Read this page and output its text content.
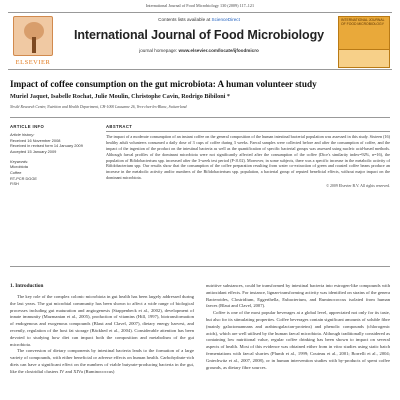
International Journal of Food Microbiology 130 (2009) 117–121
ELSEVIER
Contents lists available at ScienceDirect
International Journal of Food Microbiology
journal homepage: www.elsevier.com/locate/ijfoodmicro
INTERNATIONAL JOURNAL OF FOOD MICROBIOLOGY
Impact of coffee consumption on the gut microbiota: A human volunteer study
Muriel Jaquet, Isabelle Rochat, Julie Moulin, Christophe Cavin, Rodrigo Bibiloni *
Nestlé Research Center, Nutrition and Health Department, CH-1000 Lausanne 26, Vers-chez-les-Blanc, Switzerland
ARTICLE INFO
Article history:
Received 16 November 2008
Received in revised form 14 January 2009
Accepted 15 January 2009
Keywords:
Microbiota
Coffee
RT-PCR DGGE
FISH
ABSTRACT

The impact of a moderate consumption of an instant coffee on the general composition of the human intestinal bacterial population was assessed in this study. Sixteen (16) healthy adult volunteers consumed a daily dose of 3 cups of coffee during 3 weeks. Faecal samples were collected before and after the consumption of coffee, and the impact of the ingestion of the product on the intestinal bacteria as well as the quantification of specific bacterial groups was assessed using nucleic acid-based methods. Although faecal profiles of the dominant microbiota were not significantly affected after the consumption of the coffee (Dice's similarity index=92%, n=16), the population of Bifidobacterium spp. increased after the 3-week test period (P<0.02). Moreover, in some subjects, there was a specific increase in the metabolic activity of Bifidobacterium spp. Our results show that the consumption of the coffee preparation resulting from water co-extraction of green and roasted coffee beans produce an increase in the metabolic activity and/or numbers of the Bifidobacterium spp. population, a bacterial group of reputed beneficial effects, without major impact on the dominant microbiota.

© 2009 Elsevier B.V. All rights reserved.
1. Introduction

The key role of the complex colonic microbiota in gut health has been largely addressed during the last years. The gut microbial community has been shown to affect a wide range of biological processes including gut maturation and angiogenesis (Stappenbeck et al., 2002), development of innate immunity (Mazmanian et al., 2005), production of vitamins (Hill, 1997), biotransformation of endogenous and exogenous compounds (Blaut and Clavel, 2007), dietary energy harvest, and recently, regulation of the host fat storage (Bäckhed et al., 2004). Considerable attention has been devoted to studying how diet can impact both the composition and metabolism of the gut microbiota.

The conversion of dietary components by intestinal bacteria leads to the formation of a large variety of compounds, with either beneficial or adverse effects on human health. Carbohydrate-rich diets can have a significant effect on the numbers of viable butyrate-producing bacteria in the gut, like the clostridial clusters IV and XIVa (Ruminococcus)

nutritive substances, could be transformed by intestinal bacteria into estrogen-like compounds with antioxidant effects. For instance, lignan-transforming activity was identified on strains of the genera Bacteroides, Clostridium, Eggerthella, Eubacterium, and Ruminococcus isolated from human faeces (Blaut and Clavel, 2007).

Coffee is one of the most popular beverages at a global level, appreciated not only for its taste, but also for its stimulating properties. Coffee beverages contain significant amounts of soluble fibre (mainly galactomannans and arabinogalactan-proteins) and phenolic compounds (chlorogenic acids), which are well utilised by the human faecal microbiota. Although traditionally considered as containing low nutritional value, regular coffee drinking has been shown to impact on several aspects of health. Most of this evidence was obtained either from in vitro studies using static batch fermentations with faecal slurries (Plumb et al., 1999; Couteau et al., 2001; Borrelli et al., 2004; Gniechwitz et al., 2007, 2008), or in human intervention studies with by-products of spent coffee grounds, as dietary fibre sources.
